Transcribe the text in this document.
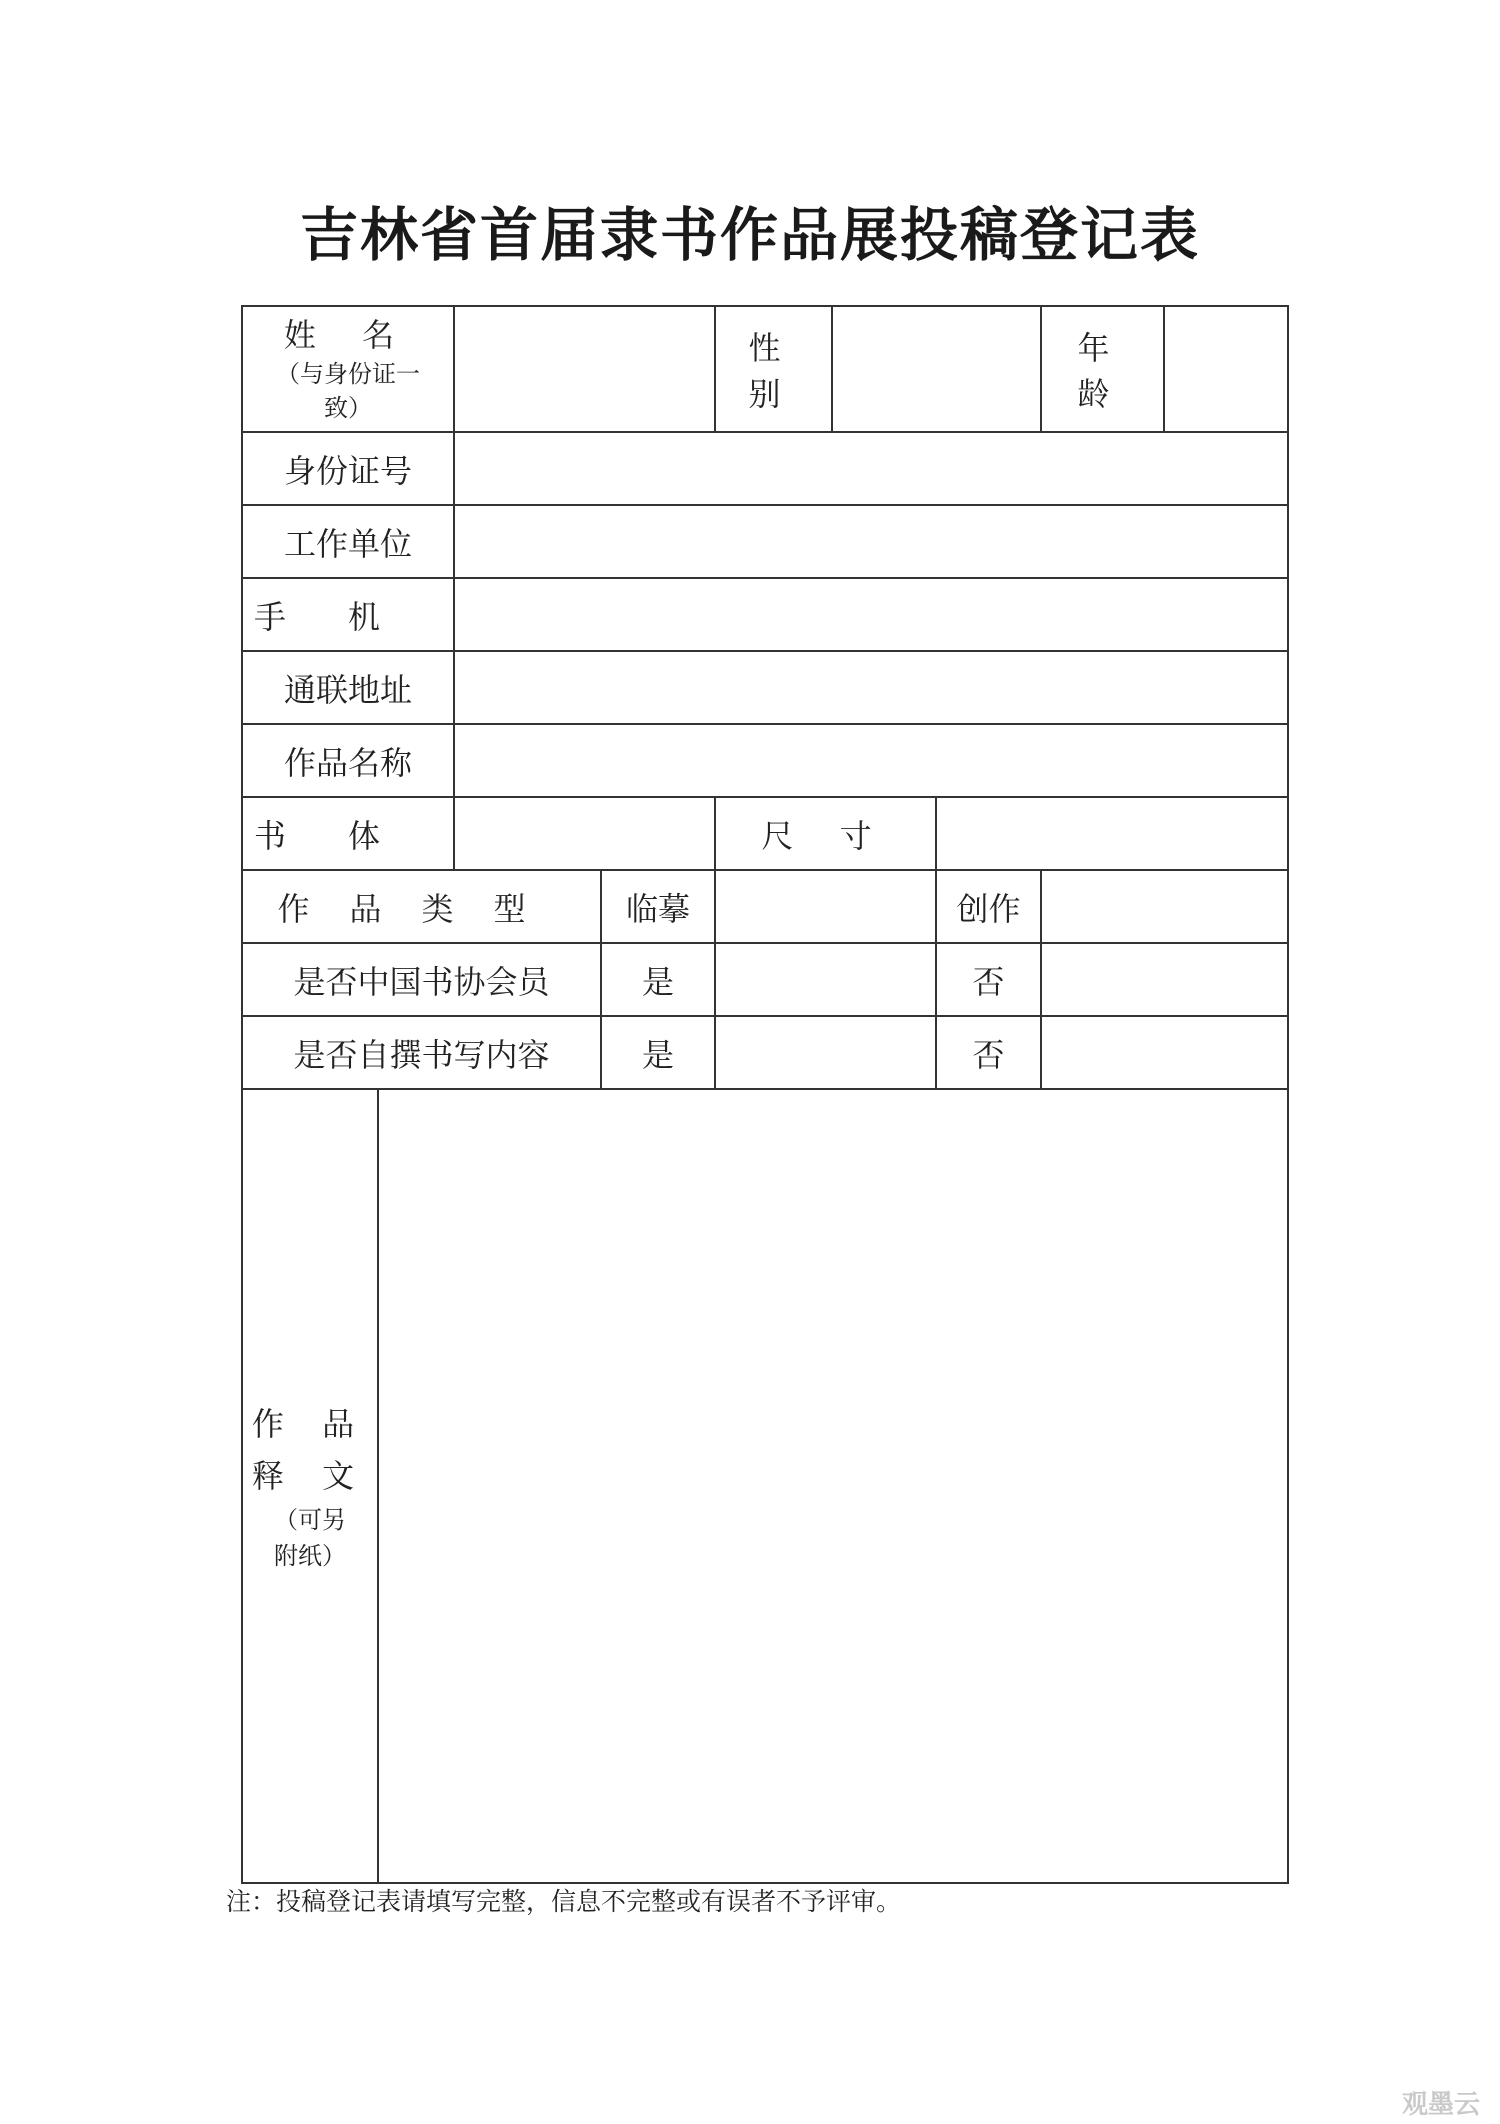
吉林省首届隶书作品展投稿登记表
姓 名
（与身份证一
致）				性 别			年 龄	
身份证号								
工作单位								
手机								
通联地址								
作品名称								
书体				尺 寸				
作品类型			临摹			创作		
是否中国书协会员			是			否		
是否自撰书写内容			是			否		

作 品
释 文
（可另
附纸）								

注：投稿登记表请填写完整，信息不完整或有误者不予评审。
观墨云
